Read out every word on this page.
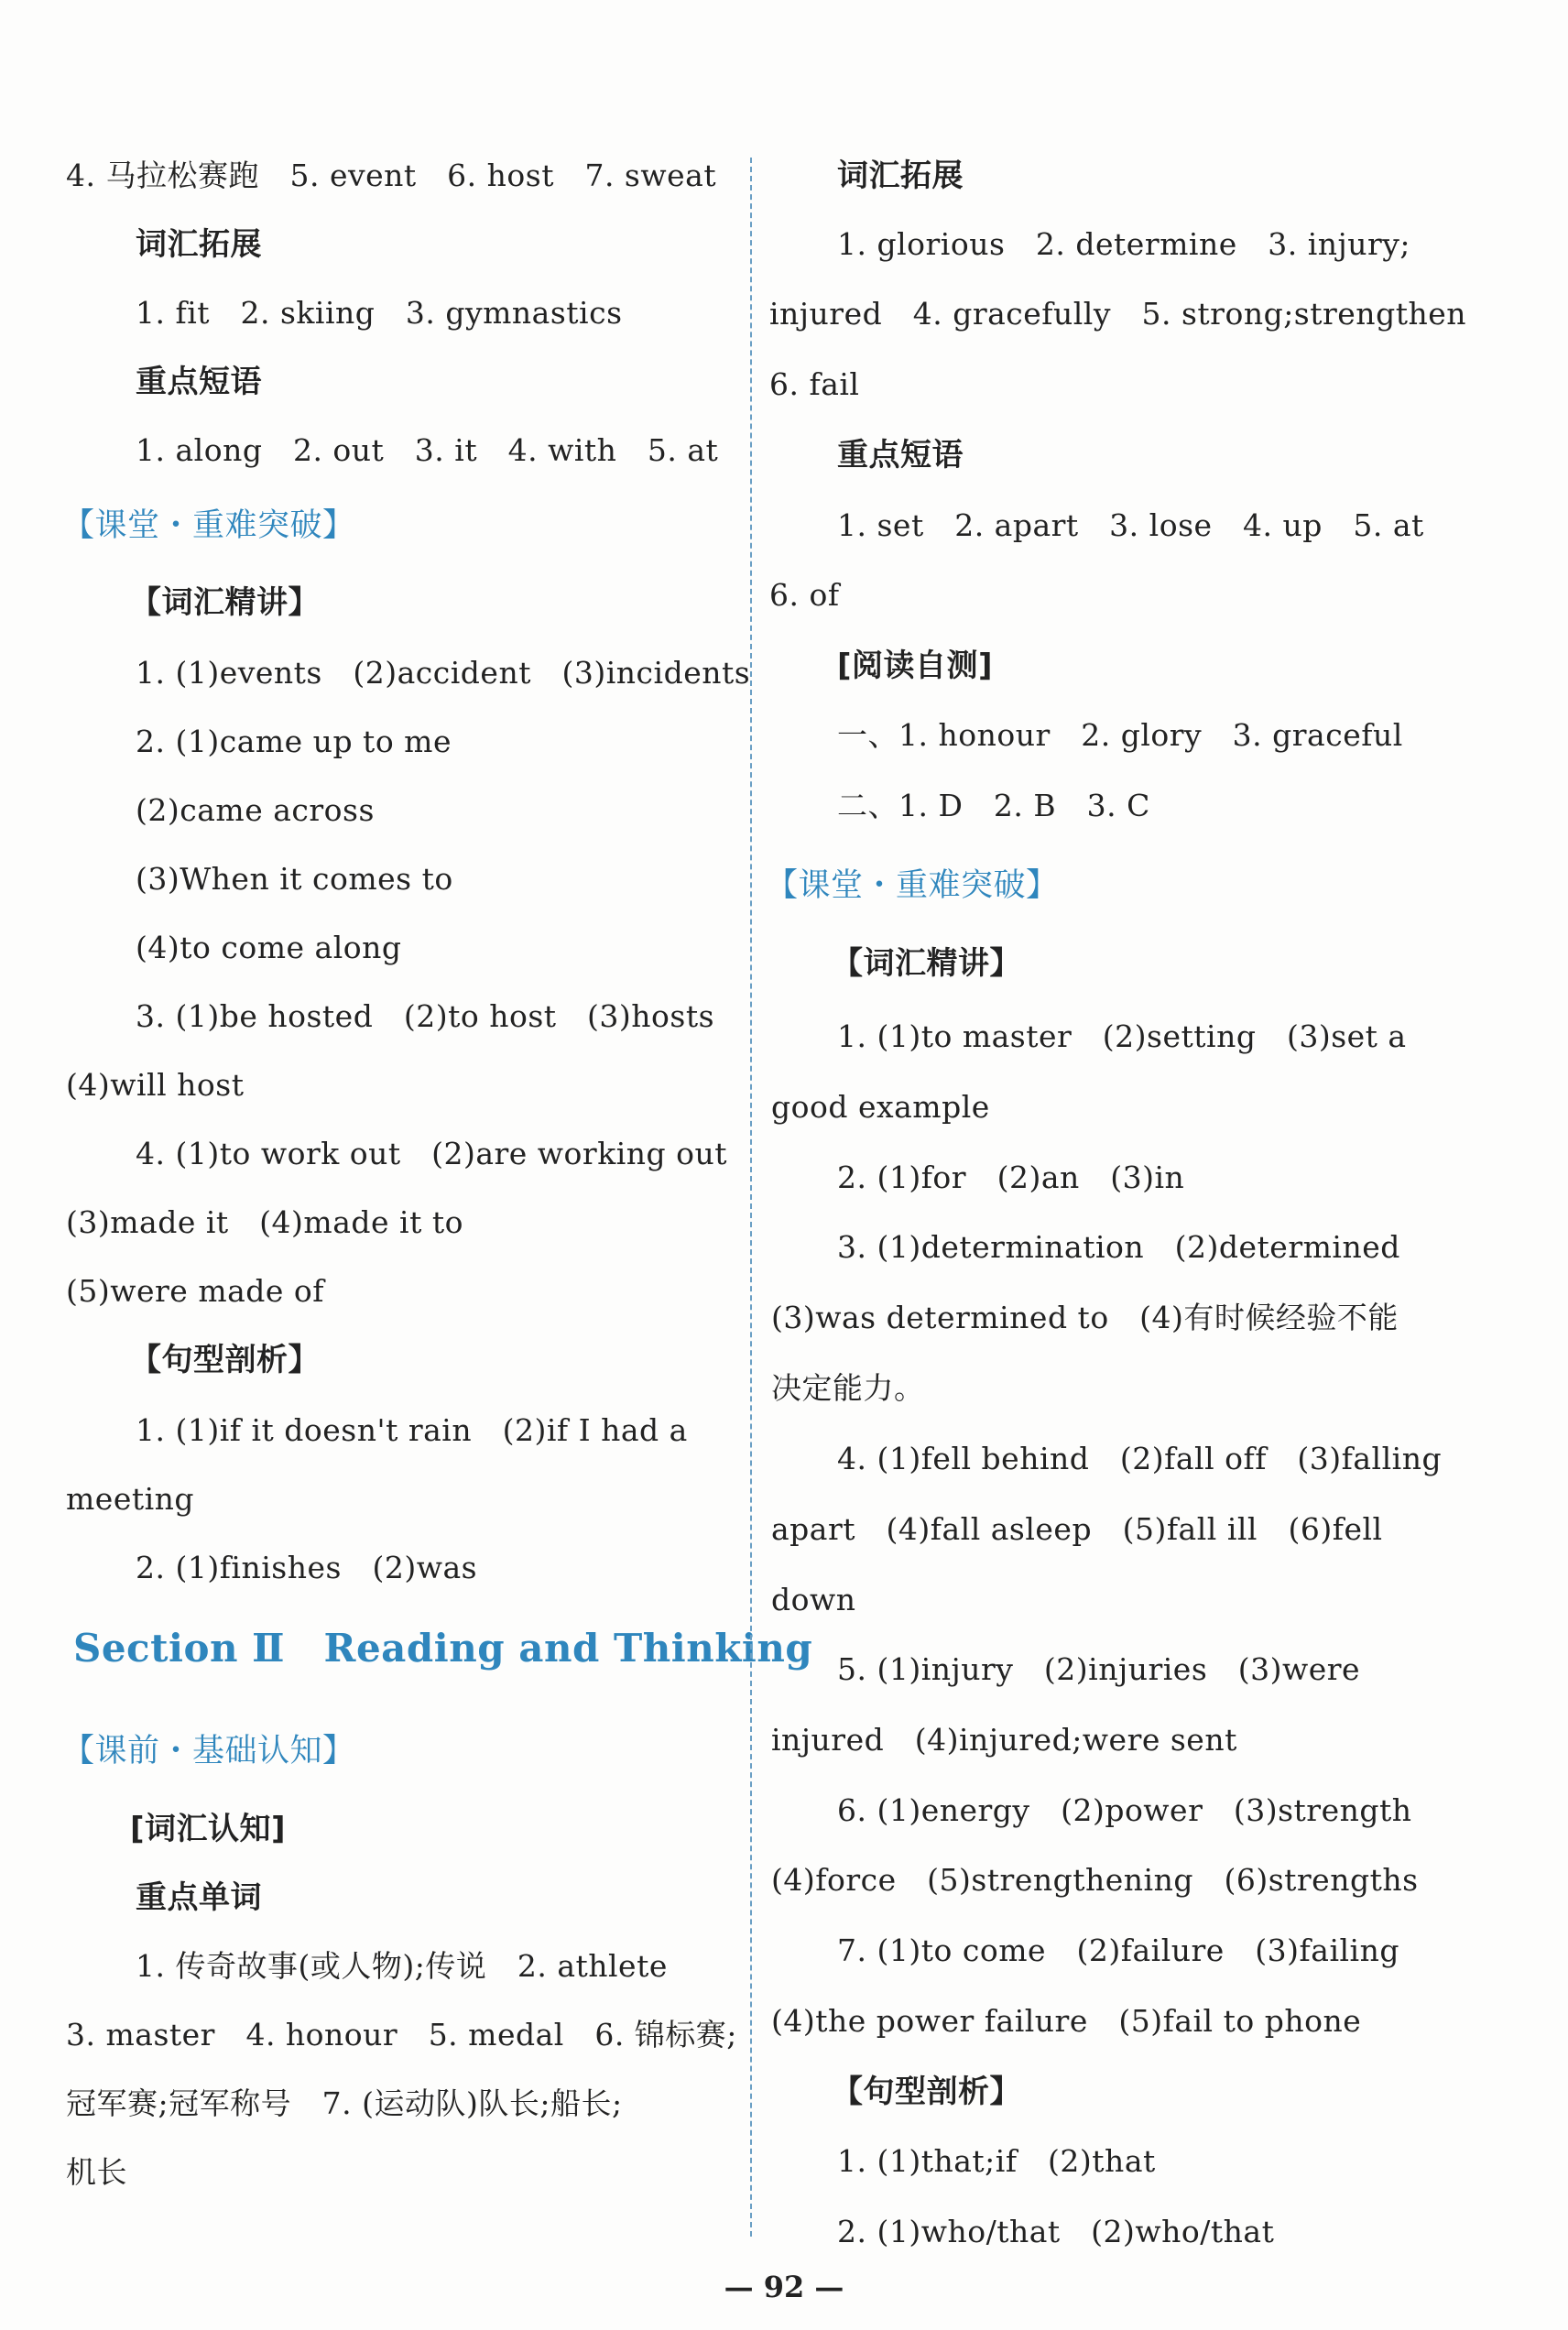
4. 马拉松赛跑　5. event　6. host　7. sweat
词汇拓展
1. fit　2. skiing　3. gymnastics
重点短语
1. along　2. out　3. it　4. with　5. at
【课堂・重难突破】
【词汇精讲】
1. (1)events　(2)accident　(3)incidents
2. (1)came up to me
(2)came across
(3)When it comes to
(4)to come along
3. (1)be hosted　(2)to host　(3)hosts
(4)will host
4. (1)to work out　(2)are working out
(3)made it　(4)made it to
(5)were made of
【句型剖析】
1. (1)if it doesn't rain　(2)if I had a
meeting
2. (1)finishes　(2)was
Section Ⅱ　Reading and Thinking
【课前・基础认知】
[词汇认知]
重点单词
1. 传奇故事(或人物);传说　2. athlete
3. master　4. honour　5. medal　6. 锦标赛;
冠军赛;冠军称号　7. (运动队)队长;船长;
机长
词汇拓展
1. glorious　2. determine　3. injury;
injured　4. gracefully　5. strong;strengthen
6. fail
重点短语
1. set　2. apart　3. lose　4. up　5. at
6. of
[阅读自测]
一、1. honour　2. glory　3. graceful
二、1. D　2. B　3. C
【课堂・重难突破】
【词汇精讲】
1. (1)to master　(2)setting　(3)set a
good example
2. (1)for　(2)an　(3)in
3. (1)determination　(2)determined
(3)was determined to　(4)有时候经验不能
决定能力。
4. (1)fell behind　(2)fall off　(3)falling
apart　(4)fall asleep　(5)fall ill　(6)fell
down
5. (1)injury　(2)injuries　(3)were
injured　(4)injured;were sent
6. (1)energy　(2)power　(3)strength
(4)force　(5)strengthening　(6)strengths
7. (1)to come　(2)failure　(3)failing
(4)the power failure　(5)fail to phone
【句型剖析】
1. (1)that;if　(2)that
2. (1)who/that　(2)who/that
— 92 —
